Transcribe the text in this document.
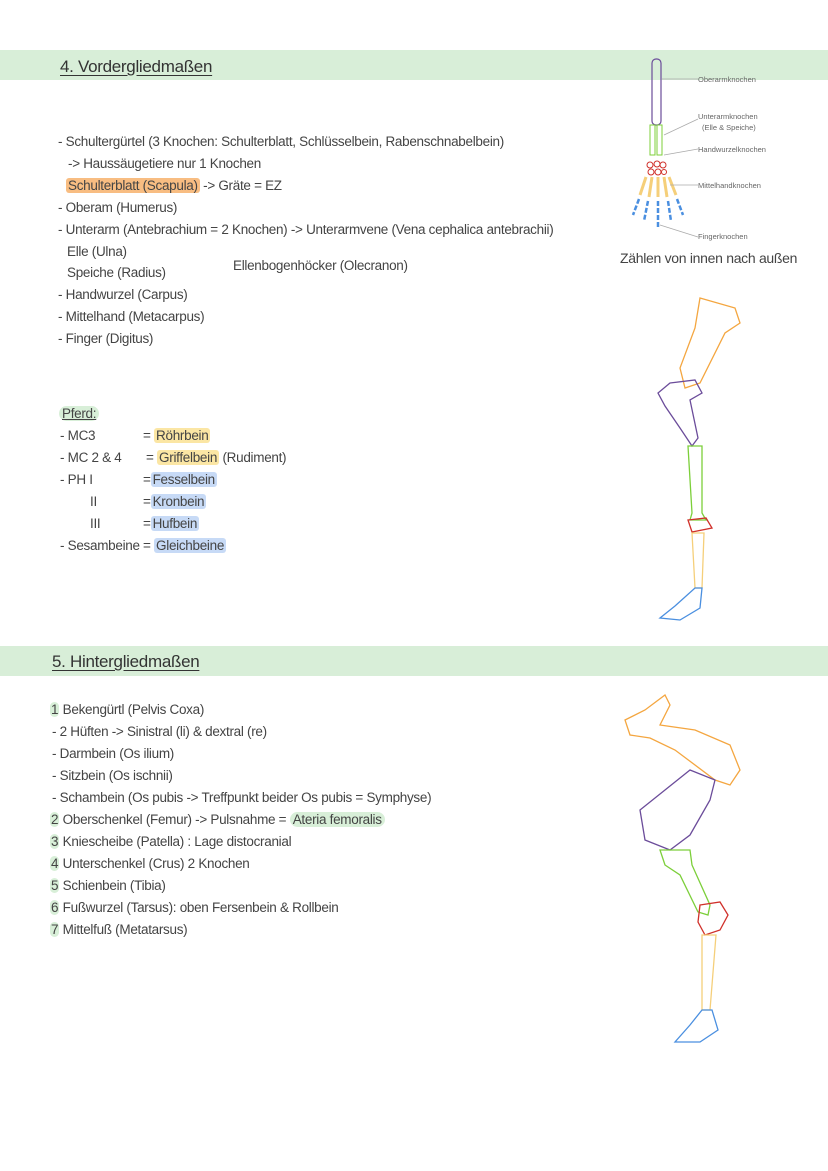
4. Vordergliedmaßen
- Schultergürtel (3 Knochen: Schulterblatt, Schlüsselbein, Rabenschnabelbein)
-> Haussäugetiere nur 1 Knochen
Schulterblatt (Scapula) -> Gräte = EZ
- Oberam (Humerus)
- Unterarm (Antebrachium = 2 Knochen) -> Unterarmvene (Vena cephalica antebrachii)
Elle (Ulna)
Speiche (Radius)	Ellenbogenhöcker (Olecranon)
- Handwurzel (Carpus)
- Mittelhand (Metacarpus)
- Finger (Digitus)
Pferd:
- MC3	= Röhrbein
- MC 2 & 4 = Griffelbein (Rudiment)
- PH I	= Fesselbein
II	= Kronbein
III	= Hufbein
- Sesambeine = Gleichbeine
Oberarmknochen
Unterarmknochen
(Elle & Speiche)
Handwurzelknochen
Mittelhandknochen
Fingerknochen
Zählen von innen nach außen
5. Hintergliedmaßen
1 Bekengürtl (Pelvis Coxa)
- 2 Hüften -> Sinistral (li) & dextral (re)
- Darmbein (Os ilium)
- Sitzbein (Os ischnii)
- Schambein (Os pubis -> Treffpunkt beider Os pubis = Symphyse)
2 Oberschenkel (Femur) -> Pulsnahme = Ateria femoralis
3 Kniescheibe (Patella) : Lage distocranial
4 Unterschenkel (Crus) 2 Knochen
5 Schienbein (Tibia)
6 Fußwurzel (Tarsus): oben Fersenbein & Rollbein
7 Mittelfuß (Metatarsus)
